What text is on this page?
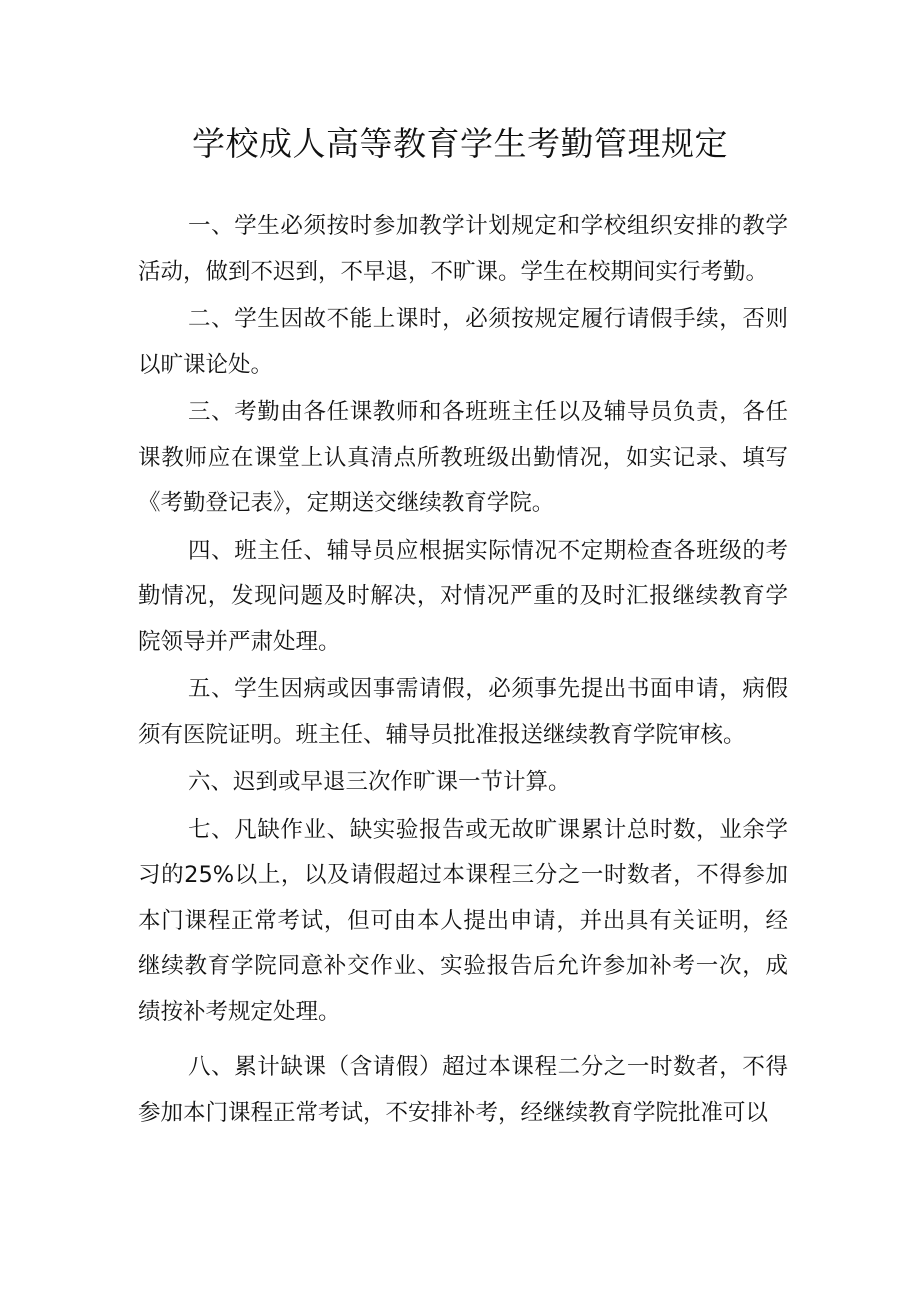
学校成人高等教育学生考勤管理规定

一、学生必须按时参加教学计划规定和学校组织安排的教学活动，做到不迟到，不早退，不旷课。学生在校期间实行考勤。

二、学生因故不能上课时，必须按规定履行请假手续，否则以旷课论处。

三、考勤由各任课教师和各班班主任以及辅导员负责，各任课教师应在课堂上认真清点所教班级出勤情况，如实记录、填写《考勤登记表》，定期送交继续教育学院。

四、班主任、辅导员应根据实际情况不定期检查各班级的考勤情况，发现问题及时解决，对情况严重的及时汇报继续教育学院领导并严肃处理。

五、学生因病或因事需请假，必须事先提出书面申请，病假须有医院证明。班主任、辅导员批准报送继续教育学院审核。

六、迟到或早退三次作旷课一节计算。

七、凡缺作业、缺实验报告或无故旷课累计总时数，业余学习的25%以上，以及请假超过本课程三分之一时数者，不得参加本门课程正常考试，但可由本人提出申请，并出具有关证明，经继续教育学院同意补交作业、实验报告后允许参加补考一次，成绩按补考规定处理。

八、累计缺课（含请假）超过本课程二分之一时数者，不得参加本门课程正常考试，不安排补考，经继续教育学院批准可以
